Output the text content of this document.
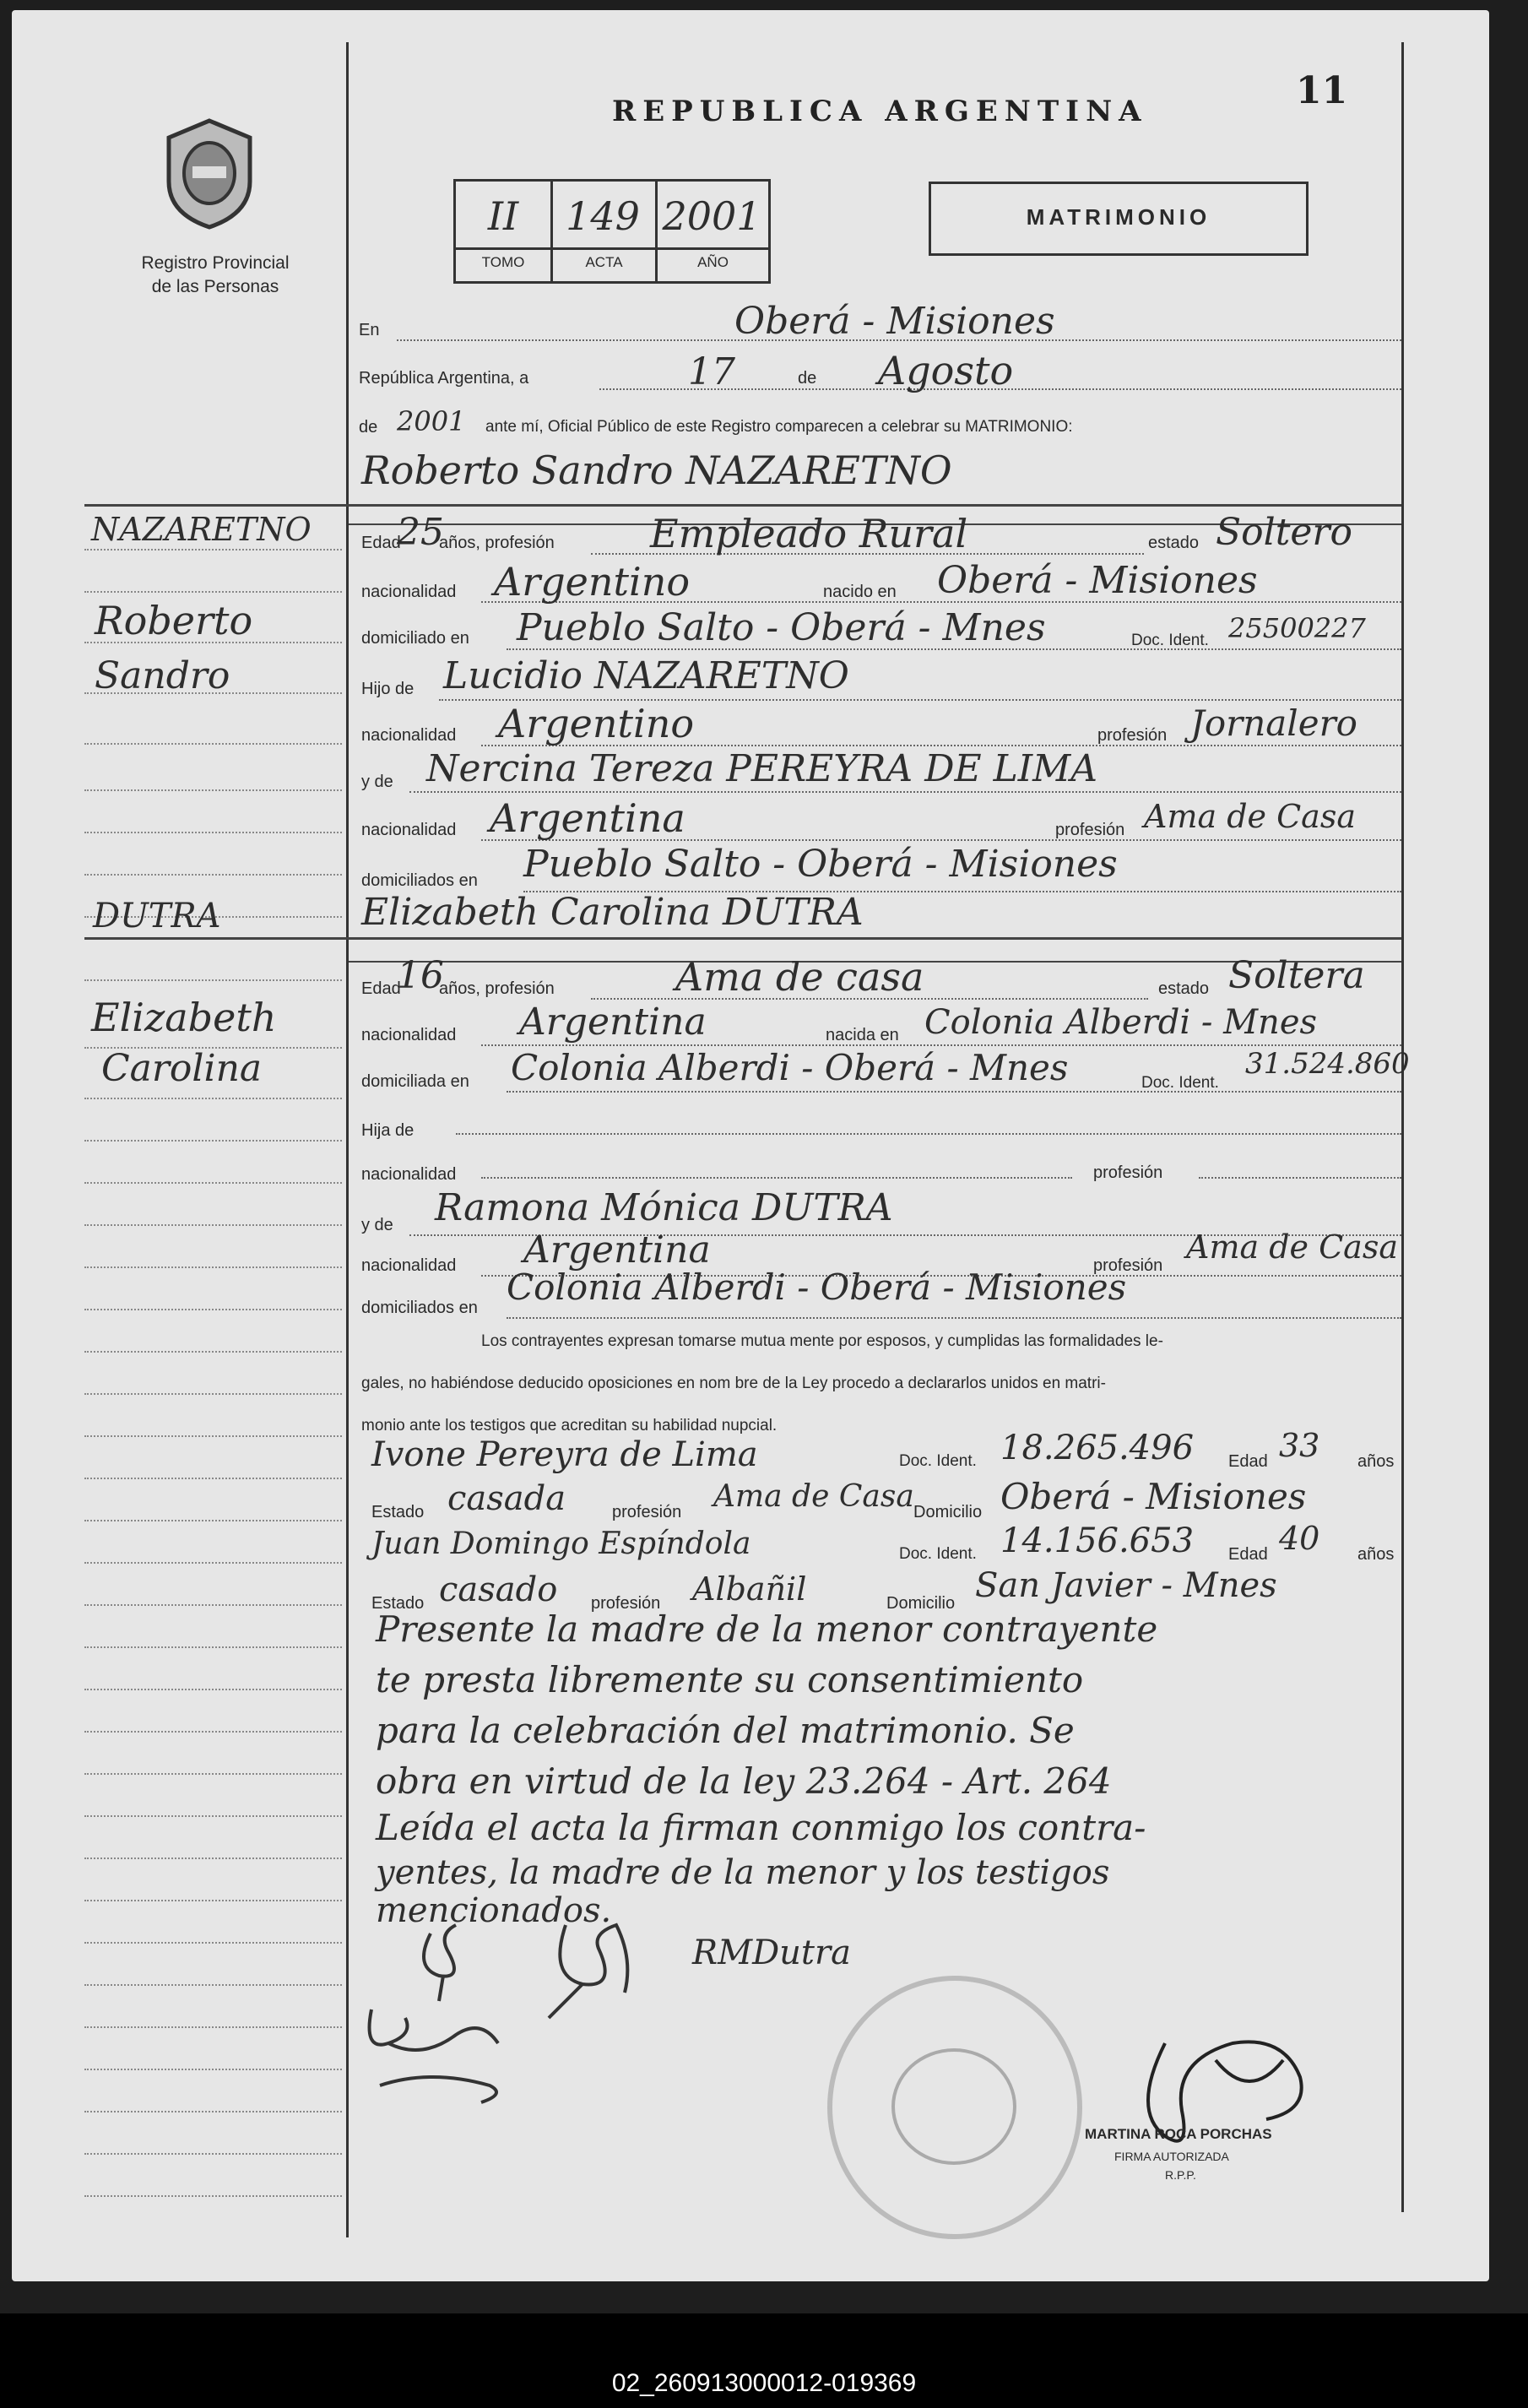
Registro Provincial
de las Personas
REPUBLICA ARGENTINA	11
II	149 2001
TOMO	ACTA	AÑO
MATRIMONIO
En	Oberá - Misiones
República Argentina, a	17	de Agosto
de 2001 ante mí, Oficial Público de este Registro comparecen a celebrar su MATRIMONIO:
Roberto Sandro NAZARETNO
NAZARETNO
Roberto
Sandro
Edad
25
años, profesión Empleado Rural	estado Soltero
nacionalidad Argentino	nacido en Oberá - Misiones
domiciliado en Pueblo Salto - Oberá - Mnes	Doc. Ident. 25500227
Hijo de Lucidio NAZARETNO
nacionalidad Argentino	profesión Jornalero
y de Nercina Tereza PEREYRA DE LIMA
nacionalidad Argentina	profesión Ama de Casa
domiciliados en Pueblo Salto - Oberá - Misiones
Elizabeth Carolina DUTRA
DUTRA
Elizabeth
Carolina
Edad
16
años, profesión	Ama de casa	estado Soltera
nacionalidad Argentina	nacida en Colonia Alberdi - Mnes
domiciliada en Colonia Alberdi - Oberá - Mnes	Doc. Ident.
31.524.860
Hija de
nacionalidad	profesión
y de Ramona Mónica DUTRA
nacionalidad Argentina	profesión Ama de Casa
domiciliados en Colonia Alberdi - Oberá - Misiones
Los contrayentes expresan tomarse mutua mente por esposos, y cumplidas las formalidades le-
gales, no habiéndose deducido oposiciones en nom bre de la Ley procedo a declararlos unidos en matri-
monio ante los testigos que acreditan su habilidad nupcial.
Ivone Pereyra de Lima	Doc. Ident. 18.265.496 Edad 33 años
Estado casada	profesión Ama de Casa Domicilio Oberá - Misiones
Juan Domingo Espíndola	Doc. Ident. 14.156.653 Edad 40 años
Estado casado profesión Albañil	Domicilio San Javier - Mnes
Presente la madre de la menor contrayente
te presta libremente su consentimiento
para la celebración del matrimonio. Se
obra en virtud de la ley 23.264 - Art. 264
Leída el acta la firman conmigo los contra-
yentes, la madre de la menor y los testigos
mencionados.
RMDutra
MARTINA ROCA PORCHAS
FIRMA AUTORIZADA
R.P.P.
02_260913000012-019369
